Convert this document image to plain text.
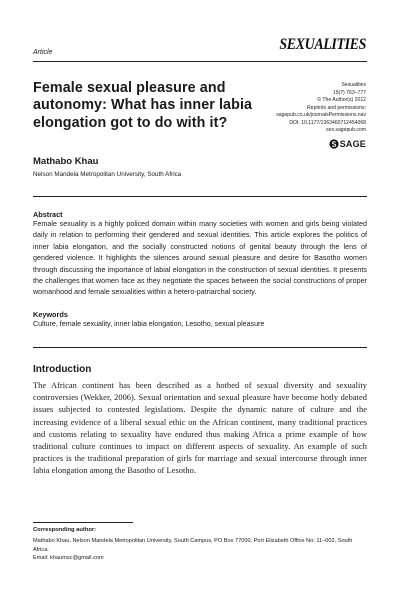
Article	SEXUALITIES
Female sexual pleasure and autonomy: What has inner labia elongation got to do with it?
Sexualities
15(7) 763–777
© The Author(s) 2012
Reprints and permissions:
sagepub.co.uk/journalsPermissions.nav
DOI: 10.1177/1363460712454068
sex.sagepub.com
SAGE
Mathabo Khau
Nelson Mandela Metropolitan University, South Africa
Abstract
Female sexuality is a highly policed domain within many societies with women and girls being violated daily in relation to performing their gendered and sexual identities. This article explores the politics of inner labia elongation, and the socially constructed notions of genital beauty through the lens of gendered violence. It highlights the silences around sexual pleasure and desire for Basotho women through discussing the importance of labial elongation in the construction of sexual identities. It presents the challenges that women face as they negotiate the spaces between the social constructions of proper womanhood and female sexualities within a hetero-patriarchal society.
Keywords
Culture, female sexuality, inner labia elongation, Lesotho, sexual pleasure
Introduction
The African continent has been described as a hotbed of sexual diversity and sexuality controversies (Wekker, 2006). Sexual orientation and sexual pleasure have become hotly debated issues subjected to contested legislations. Despite the dynamic nature of culture and the increasing evidence of a liberal sexual ethic on the African continent, many traditional practices and customs relating to sexuality have endured thus making Africa a prime example of how traditional culture continues to impact on different aspects of sexuality. An example of such practices is the traditional preparation of girls for marriage and sexual intercourse through inner labia elongation among the Basotho of Lesotho.
Corresponding author:
Mathabo Khau, Nelson Mandela Metropolitan University, South Campus, PO Box 77000, Port Elizabeth Office No: 11–002, South Africa.
Email: khaumsc@gmail.com
